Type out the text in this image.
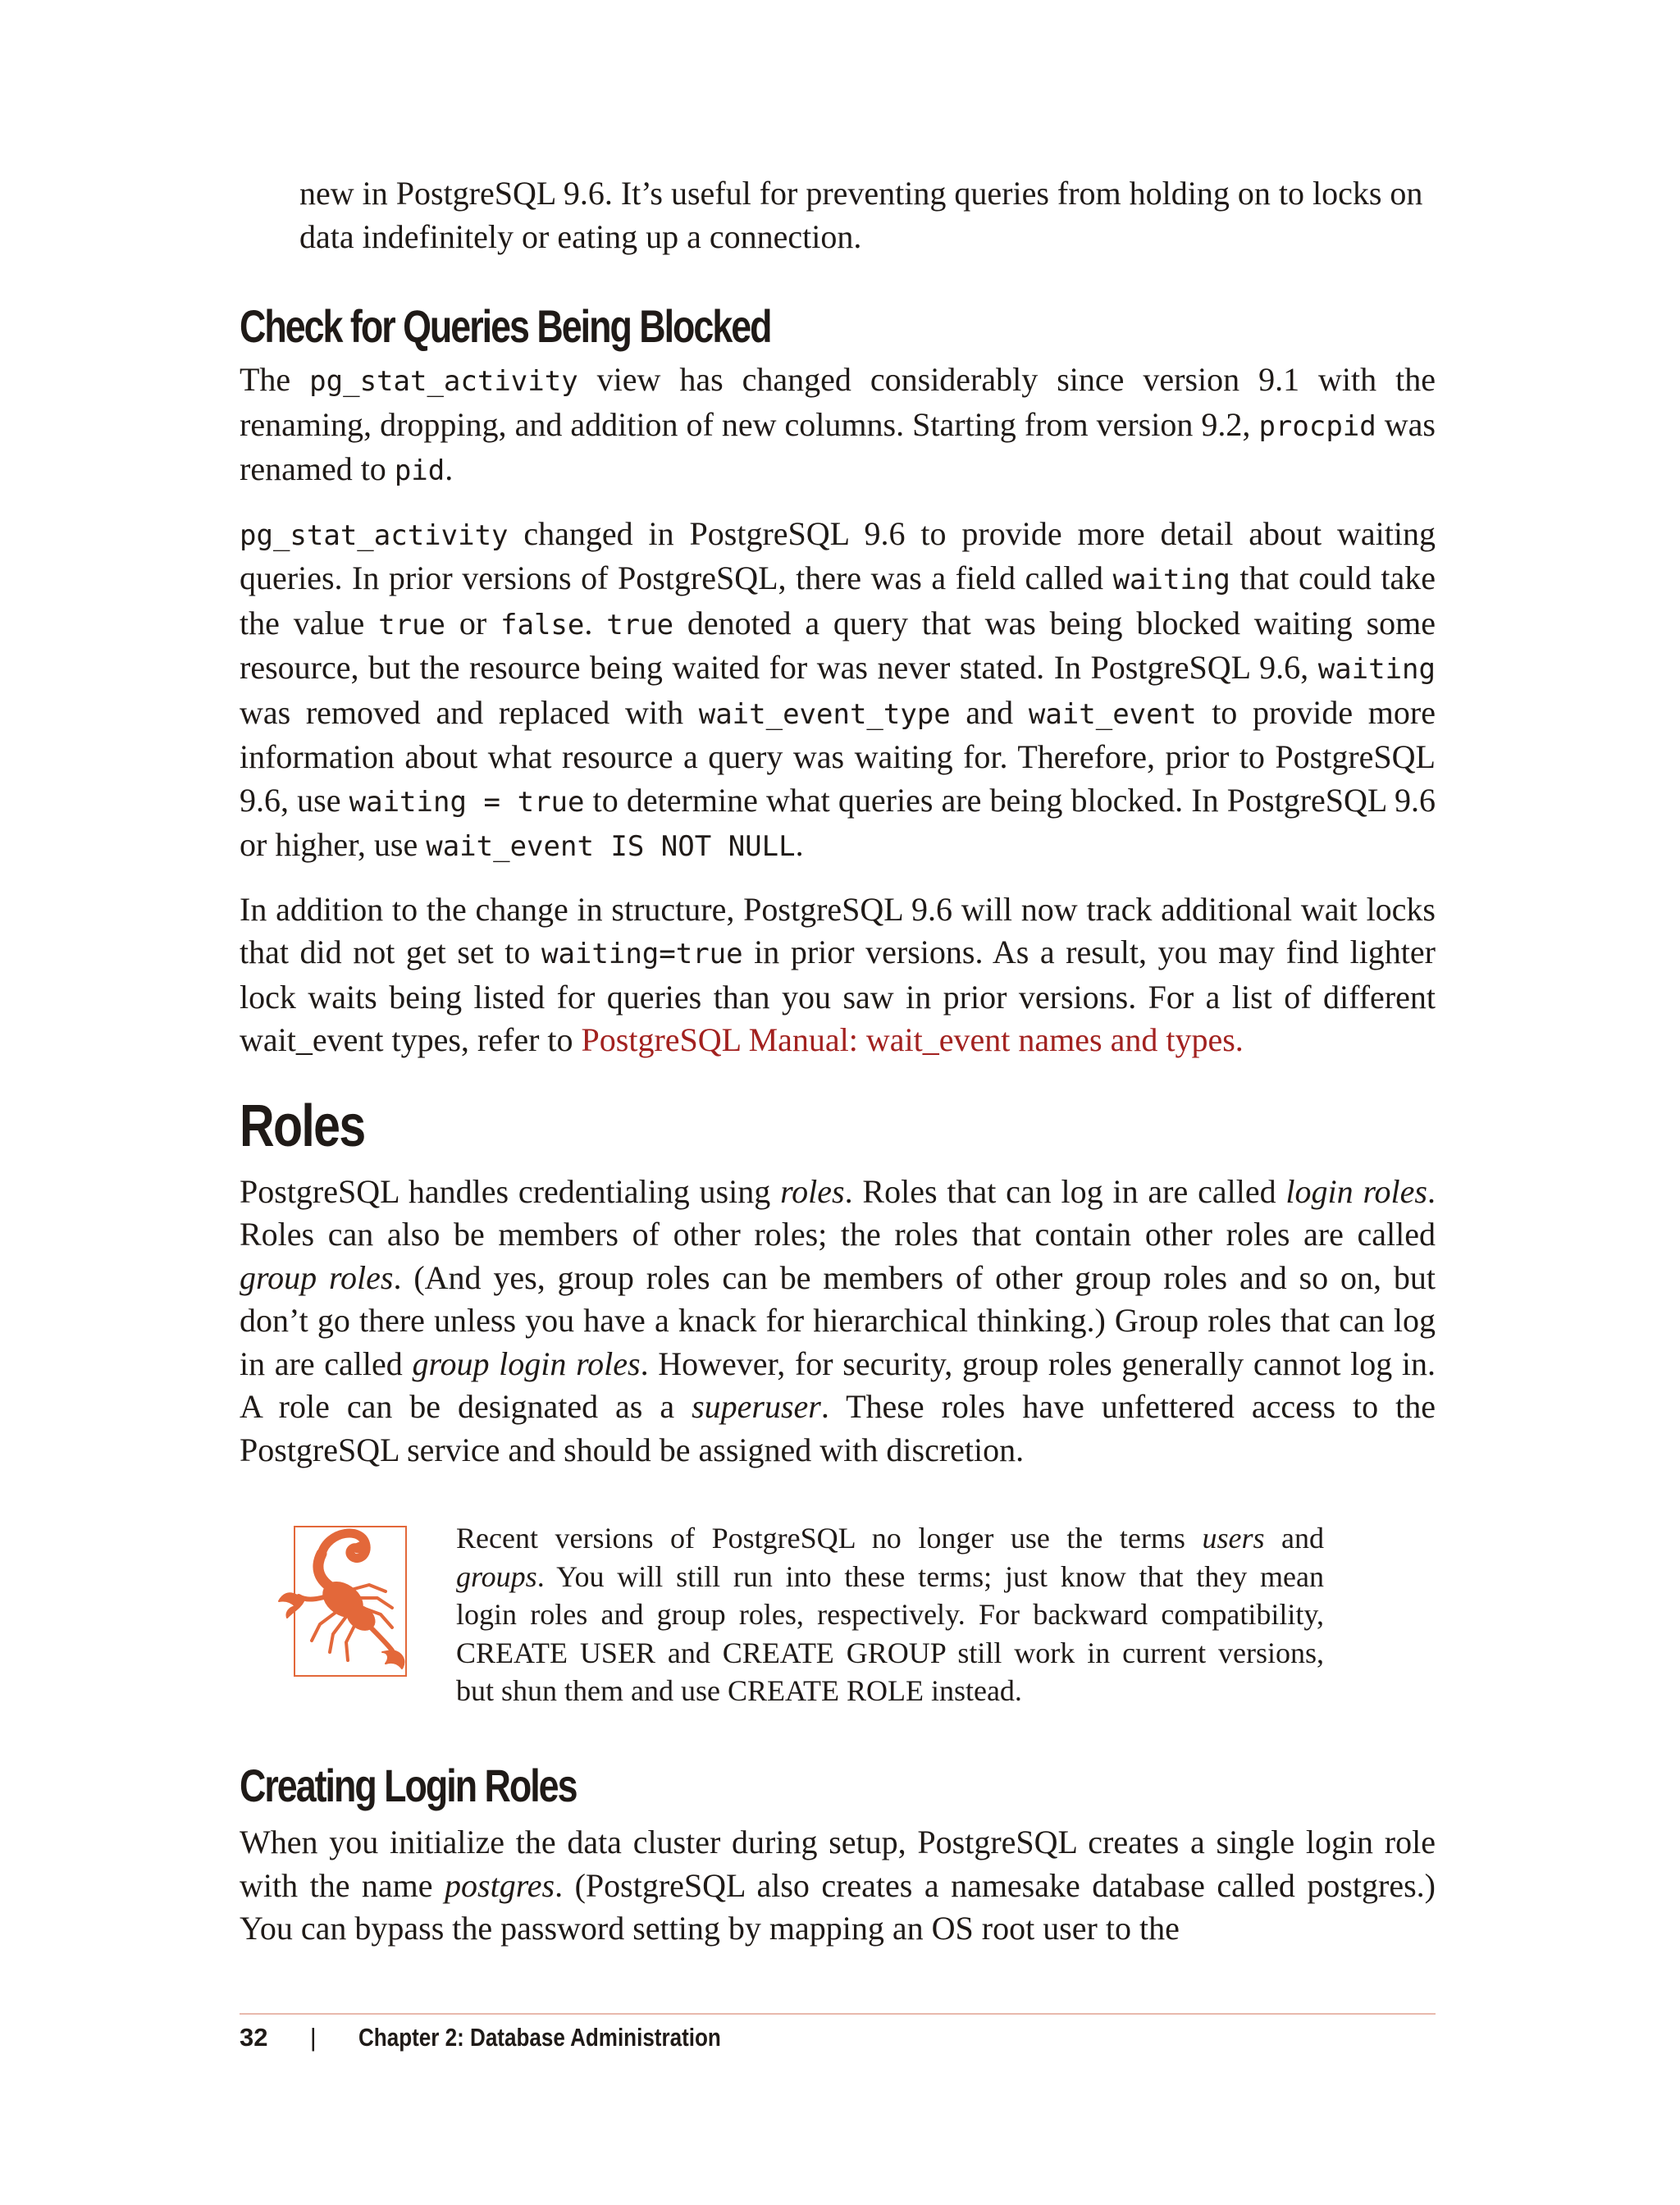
new in PostgreSQL 9.6. It’s useful for preventing queries from holding on to locks on data indefinitely or eating up a connection.

Check for Queries Being Blocked

The pg_stat_activity view has changed considerably since version 9.1 with the renaming, dropping, and addition of new columns. Starting from version 9.2, procpid was renamed to pid.

pg_stat_activity changed in PostgreSQL 9.6 to provide more detail about waiting queries. In prior versions of PostgreSQL, there was a field called waiting that could take the value true or false. true denoted a query that was being blocked waiting some resource, but the resource being waited for was never stated. In PostgreSQL 9.6, waiting was removed and replaced with wait_event_type and wait_event to provide more information about what resource a query was waiting for. Therefore, prior to PostgreSQL 9.6, use waiting = true to determine what queries are being blocked. In PostgreSQL 9.6 or higher, use wait_event IS NOT NULL.

In addition to the change in structure, PostgreSQL 9.6 will now track additional wait locks that did not get set to waiting=true in prior versions. As a result, you may find lighter lock waits being listed for queries than you saw in prior versions. For a list of different wait_event types, refer to PostgreSQL Manual: wait_event names and types.

Roles

PostgreSQL handles credentialing using roles. Roles that can log in are called login roles. Roles can also be members of other roles; the roles that contain other roles are called group roles. (And yes, group roles can be members of other group roles and so on, but don’t go there unless you have a knack for hierarchical thinking.) Group roles that can log in are called group login roles. However, for security, group roles generally cannot log in. A role can be designated as a superuser. These roles have unfettered access to the PostgreSQL service and should be assigned with discretion.

Recent versions of PostgreSQL no longer use the terms users and groups. You will still run into these terms; just know that they mean login roles and group roles, respectively. For backward compatibility, CREATE USER and CREATE GROUP still work in current versions, but shun them and use CREATE ROLE instead.

Creating Login Roles

When you initialize the data cluster during setup, PostgreSQL creates a single login role with the name postgres. (PostgreSQL also creates a namesake database called postgres.) You can bypass the password setting by mapping an OS root user to the

32 | Chapter 2: Database Administration
